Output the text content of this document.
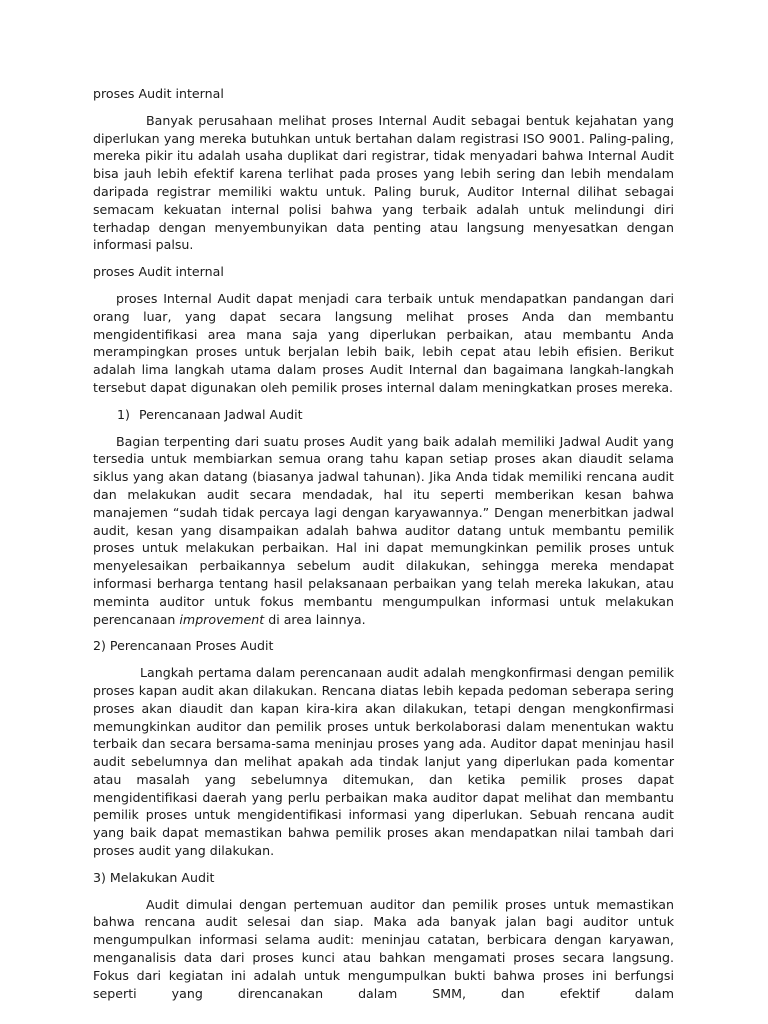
proses Audit internal

Banyak perusahaan melihat proses Internal Audit sebagai bentuk kejahatan yang diperlukan yang mereka butuhkan untuk bertahan dalam registrasi ISO 9001. Paling-paling, mereka pikir itu adalah usaha duplikat dari registrar, tidak menyadari bahwa Internal Audit bisa jauh lebih efektif karena terlihat pada proses yang lebih sering dan lebih mendalam daripada registrar memiliki waktu untuk. Paling buruk, Auditor Internal dilihat sebagai semacam kekuatan internal polisi bahwa yang terbaik adalah untuk melindungi diri terhadap dengan menyembunyikan data penting atau langsung menyesatkan dengan informasi palsu.

proses Audit internal

proses Internal Audit dapat menjadi cara terbaik untuk mendapatkan pandangan dari orang luar, yang dapat secara langsung melihat proses Anda dan membantu mengidentifikasi area mana saja yang diperlukan perbaikan, atau membantu Anda merampingkan proses untuk berjalan lebih baik, lebih cepat atau lebih efisien. Berikut adalah lima langkah utama dalam proses Audit Internal dan bagaimana langkah-langkah tersebut dapat digunakan oleh pemilik proses internal dalam meningkatkan proses mereka.

1) Perencanaan Jadwal Audit

Bagian terpenting dari suatu proses Audit yang baik adalah memiliki Jadwal Audit yang tersedia untuk membiarkan semua orang tahu kapan setiap proses akan diaudit selama siklus yang akan datang (biasanya jadwal tahunan). Jika Anda tidak memiliki rencana audit dan melakukan audit secara mendadak, hal itu seperti memberikan kesan bahwa manajemen “sudah tidak percaya lagi dengan karyawannya.” Dengan menerbitkan jadwal audit, kesan yang disampaikan adalah bahwa auditor datang untuk membantu pemilik proses untuk melakukan perbaikan. Hal ini dapat memungkinkan pemilik proses untuk menyelesaikan perbaikannya sebelum audit dilakukan, sehingga mereka mendapat informasi berharga tentang hasil pelaksanaan perbaikan yang telah mereka lakukan, atau meminta auditor untuk fokus membantu mengumpulkan informasi untuk melakukan perencanaan improvement di area lainnya.

2) Perencanaan Proses Audit

Langkah pertama dalam perencanaan audit adalah mengkonfirmasi dengan pemilik proses kapan audit akan dilakukan. Rencana diatas lebih kepada pedoman seberapa sering proses akan diaudit dan kapan kira-kira akan dilakukan, tetapi dengan mengkonfirmasi memungkinkan auditor dan pemilik proses untuk berkolaborasi dalam menentukan waktu terbaik dan secara bersama-sama meninjau proses yang ada. Auditor dapat meninjau hasil audit sebelumnya dan melihat apakah ada tindak lanjut yang diperlukan pada komentar atau masalah yang sebelumnya ditemukan, dan ketika pemilik proses dapat mengidentifikasi daerah yang perlu perbaikan maka auditor dapat melihat dan membantu pemilik proses untuk mengidentifikasi informasi yang diperlukan. Sebuah rencana audit yang baik dapat memastikan bahwa pemilik proses akan mendapatkan nilai tambah dari proses audit yang dilakukan.

3) Melakukan Audit

Audit dimulai dengan pertemuan auditor dan pemilik proses untuk memastikan bahwa rencana audit selesai dan siap. Maka ada banyak jalan bagi auditor untuk mengumpulkan informasi selama audit: meninjau catatan, berbicara dengan karyawan, menganalisis data dari proses kunci atau bahkan mengamati proses secara langsung. Fokus dari kegiatan ini adalah untuk mengumpulkan bukti bahwa proses ini berfungsi seperti yang direncanakan dalam SMM, dan efektif dalam
